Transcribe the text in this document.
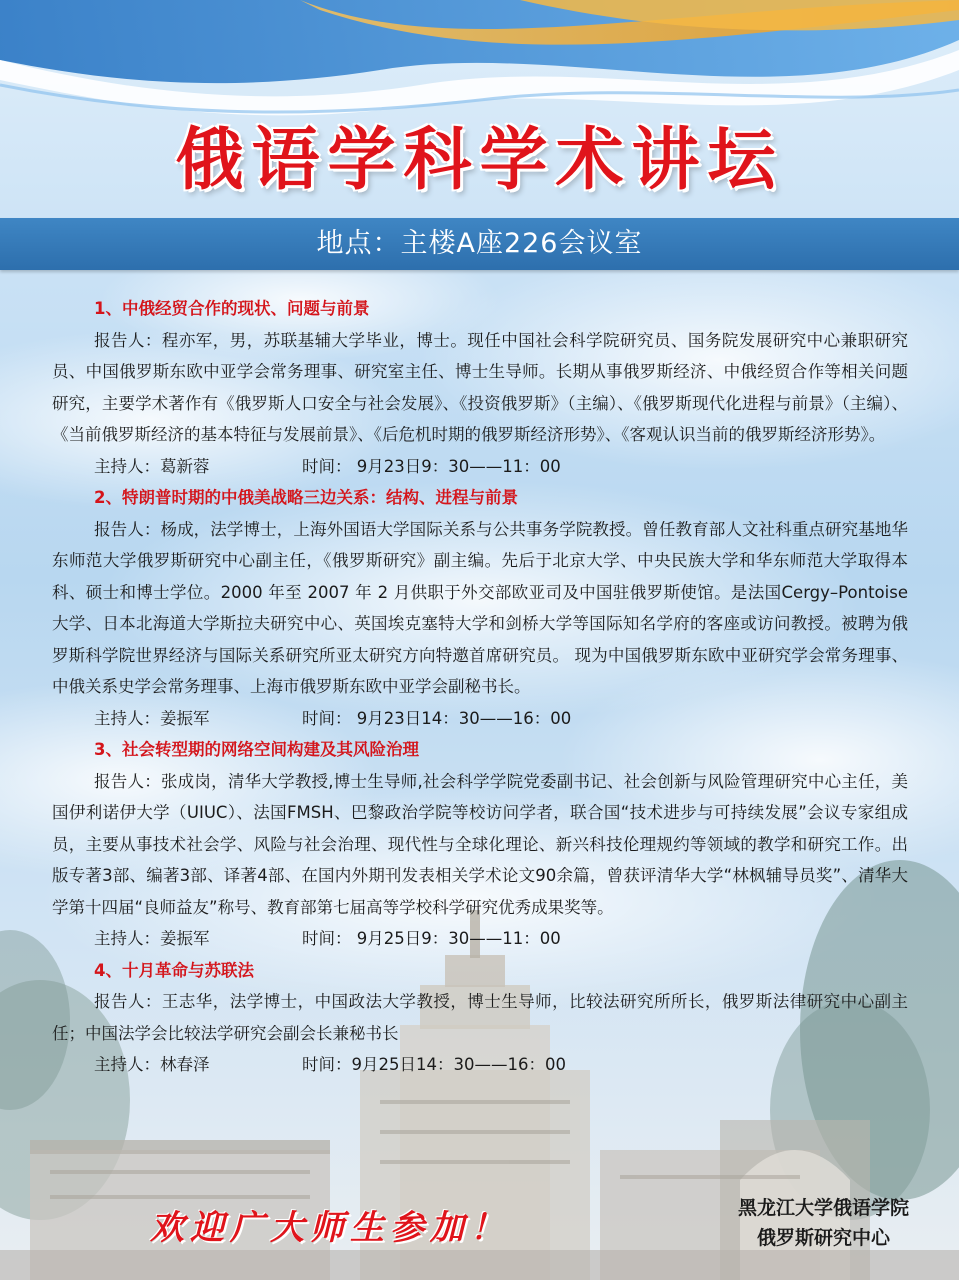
俄语学科学术讲坛
地点：主楼A座226会议室
1、中俄经贸合作的现状、问题与前景
报告人：程亦军，男，苏联基辅大学毕业，博士。现任中国社会科学院研究员、国务院发展研究中心兼职研究员、中国俄罗斯东欧中亚学会常务理事、研究室主任、博士生导师。长期从事俄罗斯经济、中俄经贸合作等相关问题研究，主要学术著作有《俄罗斯人口安全与社会发展》、《投资俄罗斯》（主编）、《俄罗斯现代化进程与前景》（主编）、《当前俄罗斯经济的基本特征与发展前景》、《后危机时期的俄罗斯经济形势》、《客观认识当前的俄罗斯经济形势》。
主持人：葛新蓉	时间： 9月23日9：30——11：00
2、特朗普时期的中俄美战略三边关系：结构、进程与前景
报告人：杨成，法学博士，上海外国语大学国际关系与公共事务学院教授。曾任教育部人文社科重点研究基地华东师范大学俄罗斯研究中心副主任，《俄罗斯研究》副主编。先后于北京大学、中央民族大学和华东师范大学取得本科、硕士和博士学位。2000 年至 2007 年 2 月供职于外交部欧亚司及中国驻俄罗斯使馆。是法国Cergy–Pontoise　大学、日本北海道大学斯拉夫研究中心、英国埃克塞特大学和剑桥大学等国际知名学府的客座或访问教授。被聘为俄罗斯科学院世界经济与国际关系研究所亚太研究方向特邀首席研究员。 现为中国俄罗斯东欧中亚研究学会常务理事、中俄关系史学会常务理事、上海市俄罗斯东欧中亚学会副秘书长。
主持人：姜振军	时间： 9月23日14：30——16：00
3、社会转型期的网络空间构建及其风险治理
报告人：张成岗，清华大学教授,博士生导师,社会科学学院党委副书记、社会创新与风险管理研究中心主任，美国伊利诺伊大学（UIUC）、法国FMSH、巴黎政治学院等校访问学者，联合国“技术进步与可持续发展”会议专家组成员，主要从事技术社会学、风险与社会治理、现代性与全球化理论、新兴科技伦理规约等领域的教学和研究工作。出版专著3部、编著3部、译著4部、在国内外期刊发表相关学术论文90余篇，曾获评清华大学“林枫辅导员奖”、清华大学第十四届“良师益友”称号、教育部第七届高等学校科学研究优秀成果奖等。
主持人：姜振军	时间： 9月25日9：30——11：00
4、十月革命与苏联法
报告人：王志华，法学博士，中国政法大学教授，博士生导师，比较法研究所所长，俄罗斯法律研究中心副主任；中国法学会比较法学研究会副会长兼秘书长
主持人：林春泽	时间：9月25日14：30——16：00
欢迎广大师生参加！	黑龙江大学俄语学院
俄罗斯研究中心
